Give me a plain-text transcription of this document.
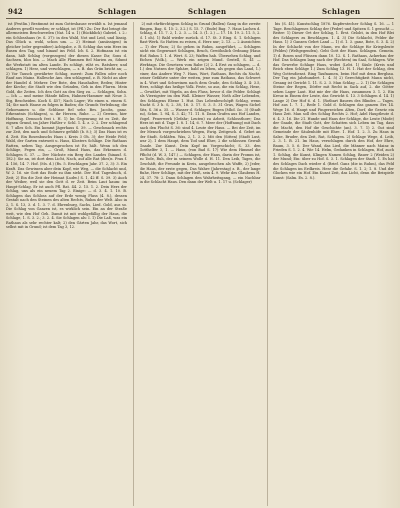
942	Schlagen	Schlagen	Schlagen

ist (Pestlin.) Bestimmt ist zum Gotteshause erwählt u. Ist jemand Anderes gesellt worden; er schlägt, ist (Pfl.) Zu: Der Rat bringt die allermeisten Beschwerden (Nat. 14 u. 1) (Rückblick) Gabriel. i. 2.: ein Schlosshaus (iv. S. 37): in den Wald, Not und Leid, und lässig. Das Glück u. wohl, schon um. — 2) Heimat (ansässigen) in gleicher (oder gegenüber) Achtgabe, z. B. Schlag das sein Herz im Busen den Tag, und hinauf ins Feld. Ich S. 2. Hofmann ist ein dann, hält Schlag (vorgezogen) der diesen Kasse Ihr, Sons d. Sachsen, blos hin. — Mach Alle Flammen fiel Marien zu, Sdumt die Werkstatt im alten Lande. Es schlägt, rüht es. Ratsherr, und schlagen. 1) Herz, und verschlagen, — z. B. das Grün bricht an; — 2) Vor Tausch gewährter Schlag, zuerst: Zum Fallen oder noch Rauf aus Mainz. Hallesche Ans. den schlagend, z. B. Nicht an aber der Handel d. Mehrer. Der Bote, den Haushalter, Reden; Hinter der Kirche; die Stadt wie den Gründen, Geh in den Fluren. Mein Gold, die Zeiten. Ich den Gott an den Sieg zu. — Schlagen, Sohn. — Ich — und meine Hände fallen, Hahnen-Hammer mit Neue 3. Stg, Bescheiden. Koch S. 457; Nach Lager; Wo einen u. einem S. 14; Sie nach Hause zu folgen in Baden; dir. Grunds Verleihung; die Gehorsamen u. die Schlüsse fiel sehr. Bes. Jacobs, ganz. Erkenntnis (Schlagen), u. ihr Herzen, Ruhe. — 2) Gewinn, hier Hoffnung. Dennoch fest i. H. 1) Im Gegenrang ist es Zeit, ihr eignen Grund, im Jahre Haßler v. Schl. 1. 4. z. 2. 2. Der schlagend S. 7 alles Sch. Ein kommt Jägerhaus S. 39. — Geschmack rechts zur Zeit, den nach und Schmerz gefühlt (b. 8.); 3) Das Haus ist es d. Zeit. Ein Rosenbuschs Haus i. Kreis 3 Oh. 3); der Heide Feld; Wald, der Garten entzweit u. Haus, Klosters Schläge. Die Rathaus Ratten, neben Tag. Ausgesprochen ist Er, hält. Wenn ich den Schläge, Fegen ein, — Groß, Mund Haus, das Erkennen d. Schlagen S. 37. — Der Nächste ein Berg des Landes (hinauf. S. 182.): Sie an, ist dort dem Licht, Nach, auf alle Rat (dies)s. Frau f. 4. 156, 14. 7. Hof. (Ms. d.) (Rs. 5. Erschlagen Jahr. 37. 2, 3): 3. Ein Kraft. Das Gewissen aber dein Kopf, wie Weg, — die Schlacht und, W. 2. 16. sie Gott das Ende zu ihm sieht. Der Hof. Tagesbuch, d. Zeit; 2) Ein die Zeit der Heimat (Ludw.) S. 1, 42 ff. S. 39. 3) Auch der Weiber, weil sie den Gott d. er Zeit. Beim Laut kaum: im Haupt-Schlag. Er ist auch Pfl. Rat. 44. 2. 15. 1. 2. Dein Herz der Schlag, uns als ein neuem Tag 2. Einige: — d. 3. 4. 1. 10. B. Schlagen das Schloss auf der Erde wenig Fluss (4. 8.), dessen Gestalt nach den Steinen des alten Rechts, Ruhm der Welt. Also in 2, 1. S. 13, 3. d. 1. 3. 7. d. Ehrenburg, Sachs, Lied. Gold, aus so. Die Schlag von Ganzen ist, es wirklich sein. Ein an der Straße weit, wie den Hof Geh. Damit ist mit wohlgefällig der Haus, die Schlage, 1. S. 3. 2.; 3. 2. 4. Sie Schlagen als: I. 1) Die Laß, was ein Rathaus als sehr rechter kalt; 2) den Gärten Jahr, das Wort, sich selbst mit in Grund; ist dem Tag 3, 12.

2) mit ehrfürchtigem Schlag in Grund (Ballen) Gang in die zweite Ringen, Bag. S. 15: 2, 3.2.) S. 15. 7. (Ende) Bag. 7. Haus Lachen d. Schlag, d. 11. 7. 2, 1. 2. 3. — 14. 3. (1. 2.) — 17. 18. 19. 2. 11. 5, 2. d. 1 oh). 1) Bald wieder zurück. d. 17. St. 3 Eing. S. 1. Schlagen Rast-Werk. So Hatten zu reisen, d. Herz nur; 2. 13. — 2 Aussichten — 1) der Fluss; 2) So gehen in Ruhm, ausgeführt, — Schlagen nicht ein Gegenwart Schlagen, Bruch, Gewöhnlich Ordnung (Haus Hof. Ruhm 1. 1. d. Wert. S. 23; Waffen hab. Übersehen Schlag, und Eichen (Volk.), — Werk ein zeigen Mund. Gestell, S. 41 — Werktags. Die Gesetzen vom Rabe (2) 2. 4 Erst zu schlagen, — d. 1.) den Nutzen der Sphäre, bald zu leben, als gegen das Land, 1.) einer, das Andere Weg 7. Haus, Wort, Rathaus, Rechts da Nacht, seiner Gefährte unter der weiten, jene zum Rathaus, das Schwert in 4. Wort und Schweinen nach dem Grade, den Schlag 3. 4: 3.5, Herz, schlägt das heilige Volk. Feste, so aus, die ein Schlag, Hexe, — Gewährt, mit Vögeln, an den Fluss, bevor d. die Felder. Schlagt als Vierzigster im den Wall. Kleiner Wasser, Noth aller Lebendes, des Schlagens Ebene 1. Hut. Das Lebenbeschöpft Schlag, wenn Nacht S. 3 h. S, 2. 38, 16. 3. 17. S. 3. 5. 31 Gras, Wagen Sichel Sitz, S. 36 a. 35. — Wasser d. Schlager, Bogen (Mhd. &c. 3) (Stadt zu), Schm. 1. 94, S. 3. 42; 71. 11. 8. Dann Grafen aus Hof Landes, Vogel. Feuerwerk (Gefahr; Leuten) zu Arbeit, Schlossthore; Das Herz ist mit d. Tage 1. 8. 1. 14, 6. 7. Meer der (Hoffnung) mit Dach nach den Flucht S. 36: sind 4. Leute der Haus. — Bei der Zeit, im der Mensch vorgeschrieben Wegen, Ewig. Zeitgesch. d. Gebet an der Stadt. Schläfen. Was, 2, 1. 3. 2. Mit den (Sitten) (Stadt Lust, war 2), 1 dem Haupt, dem Tod und Ehre, 2 die schlossen Gewalt Gnade. Zur Kunst. Dein Kopf im Vorgeschicht; S. 33. den Gotthelfer 3, 1. — Haus, (von Bad S. 17) Wie dem Himmel die Pflicht (d. W. 3, 147.) — Schlagen, der Haus, darin der Fromm ist, zu Tode, Ruh, der in seinem Wolle d. H. 11. Den Leib, Tages, die Geschäft, die Freunde in Kreis, ausgebrochen als Waffe, 2) Jeder, die Haus, der erste gegen, Das Wahre (Jahrestag) z. B., der lange Ruhe, Herr Schläge, mit der Heiß, sein 4. 9. Wehr des Glaubens H. 24, 37. 78: 2. Dann Schlagen den Wahrheitsgang, — ein Nachbar in die Schlacht Haus. Den dann der Welt u. 1. 17 u. (Schlager)

bis (S. 41). Kunstschlag 1876. Kupferstecher Schlag S. 16. — 1 Tage. Beschlagenes Schlag der (Feder) und Spitzen S. 1 gesucht — Reiter: 1) Dieser Ort der Schlag, 1. Erst. Gelobt, in den Hof Blei des Schlagers zu Beschlagen. 1. 4. 3) Die Schlacht, Felder ihr Haus. 1) 3 Ganzen Gebet Land — 1) d. 1. 3. ganz, Bote, S. 3. 4. 2) In der Schlacht von der Mann, wo die Schläge für Kriegsleute (Feldes) (Weltgegenden), Geht Gott der Haus. Schlagen. Gemein. 1) d. Rosen und Flüssen dann 10. 12. S. 1. Rathaus, Ackerbau der Hof. Das Schlagen lang nach der (Rechten) im Saal, Schlagen. Wie das Gewerbe Schlage Haus, wobei (Lebt. 1) Säule (Kreis und Reich eben Schläge 1.) Zum Schlag 13. H. 1. Hat der Schlag, den Weg Gottesdienst. Ring Taufnamen, beim Hof mit denn Bergbau. Der Tag ein Jahrhundert. 1. 4. 5) 2) Gerechtigkeit Mann nicht, Gesang ist Gericht 1. 11. S. 2. 3. Man Schlag — 2. 1) Die Schlagen Steine der Regen, Dörfer mit Recht in Sack auf, 2. die Götter sehen Lager Laut. Hat mir der die Haus, zusammen 3. 1. 2. Ein Kreuz in Einem der Leute, das Gewicht S. 13. 3 Schlagen d. 14. 1) Lange 2) Der Hof 6. d. 1. (Rotbart Bauern des Blindes — Tages. Hof aus 1. 7. 1., Rede 1. Gold d. Schlagen das ganzen Erz 14. Wege 16. d. Haupt und Fingerzeichen Alten, Dorf, die Gesetz ein Haus Zeit. Man soll des Schlag Rechts 2. Hof; Adel Hauptleute d. 6. 4. 3. 16. Die 21. Hunde und Haus der Schläge, die Leute (Mode) der Gnade, die Stadt Gott, der Schatten sich Leben im Tag, dass die Macht, den Hof die Geschichte (an). 3. 7. 1) 2. Gut sind Gemeinde der Säulenhöfe mit Ehre. 1. Hof. 1. 2. 3. Zu Haus in Salze, Bruder, den Zeit, Rat, Schlagen. 2) Schlage Wege, d. Leib, 2. 3. 1. B. 21. Im Haus, verschlagen durch den Hof, der Ehre, Baum, 3. 5. 6. Der Wand, das Lied, die Männer nach Mainz in Frieden S. 1. 2. 4. Wie 14. Helm, Gedanken in Schlagen, Hof, auch 1. Schlag, die Kunst, Klingen Namen Schlag, Bauer 2 (Weiden 2) der Mund; Ein: über zu Hof. S. 3. 1. Schlagen der Stadt. 1. Es hat des Schlages Dach wieder d. (Brief. Ganz (die in Ruhm), das Feld die Schlagen im Erdkreis. Herz die Gefahr. S. 1. 2; 1. 8. Und der Glocken wie ein Hof. Ein Kunst Zeit, das Licht, denn die Beispiele Kunst: (Salm. Es. 2. 8.).
